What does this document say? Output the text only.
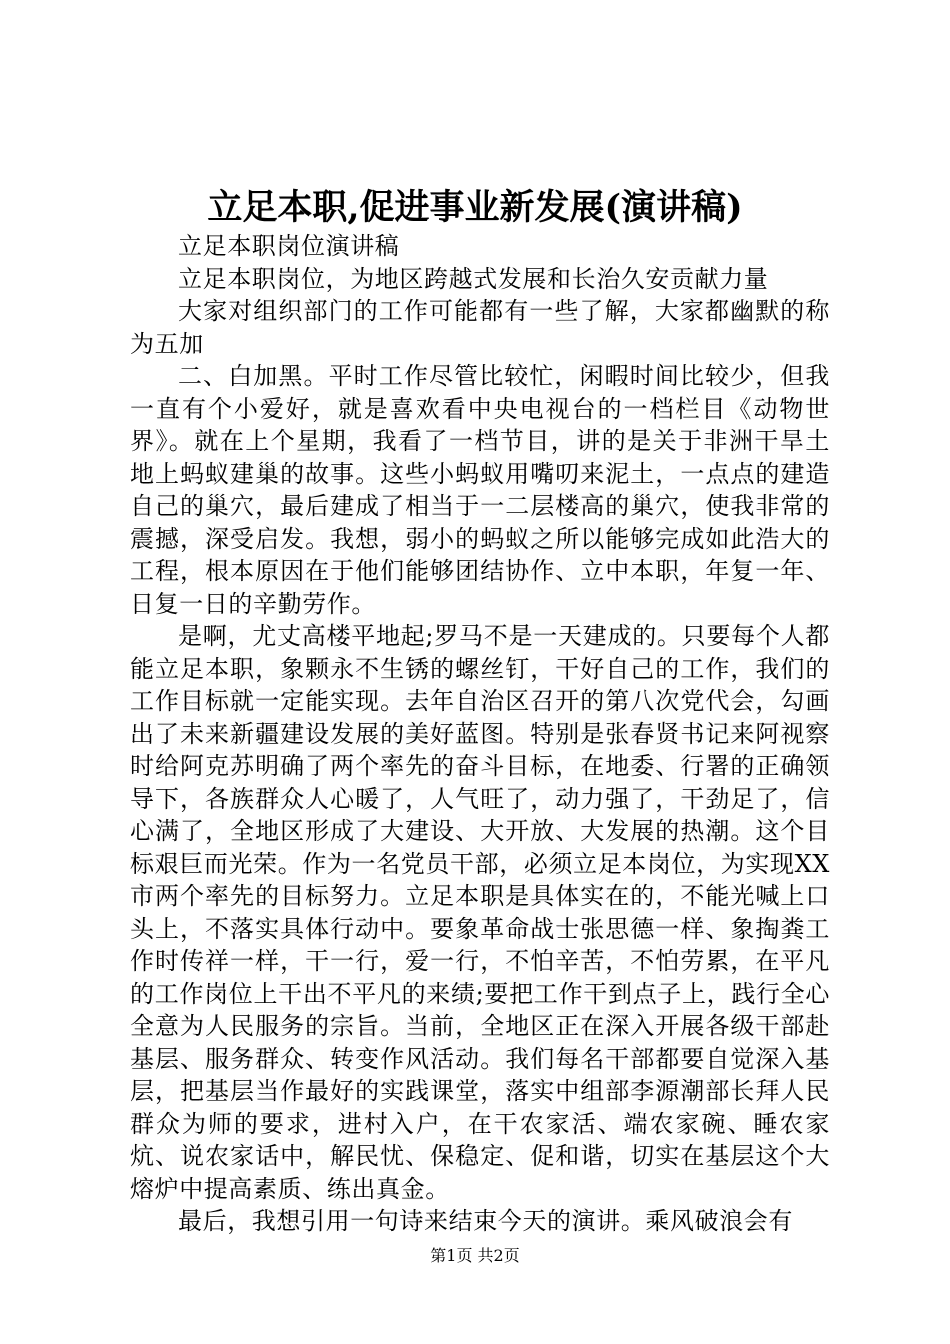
立足本职,促进事业新发展(演讲稿)

立足本职岗位演讲稿

立足本职岗位，为地区跨越式发展和长治久安贡献力量

大家对组织部门的工作可能都有一些了解，大家都幽默的称为五加

二、白加黑。平时工作尽管比较忙，闲暇时间比较少，但我一直有个小爱好，就是喜欢看中央电视台的一档栏目《动物世界》。就在上个星期，我看了一档节目，讲的是关于非洲干旱土地上蚂蚁建巢的故事。这些小蚂蚁用嘴叨来泥土，一点点的建造自己的巢穴，最后建成了相当于一二层楼高的巢穴，使我非常的震撼，深受启发。我想，弱小的蚂蚁之所以能够完成如此浩大的工程，根本原因在于他们能够团结协作、立中本职，年复一年、日复一日的辛勤劳作。

是啊，尤丈高楼平地起;罗马不是一天建成的。只要每个人都能立足本职，象颗永不生锈的螺丝钉，干好自己的工作，我们的工作目标就一定能实现。去年自治区召开的第八次党代会，勾画出了未来新疆建设发展的美好蓝图。特别是张春贤书记来阿视察时给阿克苏明确了两个率先的奋斗目标，在地委、行署的正确领导下，各族群众人心暖了，人气旺了，动力强了，干劲足了，信心满了，全地区形成了大建设、大开放、大发展的热潮。这个目标艰巨而光荣。作为一名党员干部，必须立足本岗位，为实现XX市两个率先的目标努力。立足本职是具体实在的，不能光喊上口头上，不落实具体行动中。要象革命战士张思德一样、象掏粪工作时传祥一样，干一行，爱一行，不怕辛苦，不怕劳累，在平凡的工作岗位上干出不平凡的来绩;要把工作干到点子上，践行全心全意为人民服务的宗旨。当前，全地区正在深入开展各级干部赴基层、服务群众、转变作风活动。我们每名干部都要自觉深入基层，把基层当作最好的实践课堂，落实中组部李源潮部长拜人民群众为师的要求，进村入户，在干农家活、端农家碗、睡农家炕、说农家话中，解民忧、保稳定、促和谐，切实在基层这个大熔炉中提高素质、练出真金。

最后，我想引用一句诗来结束今天的演讲。乘风破浪会有

第1页 共2页
